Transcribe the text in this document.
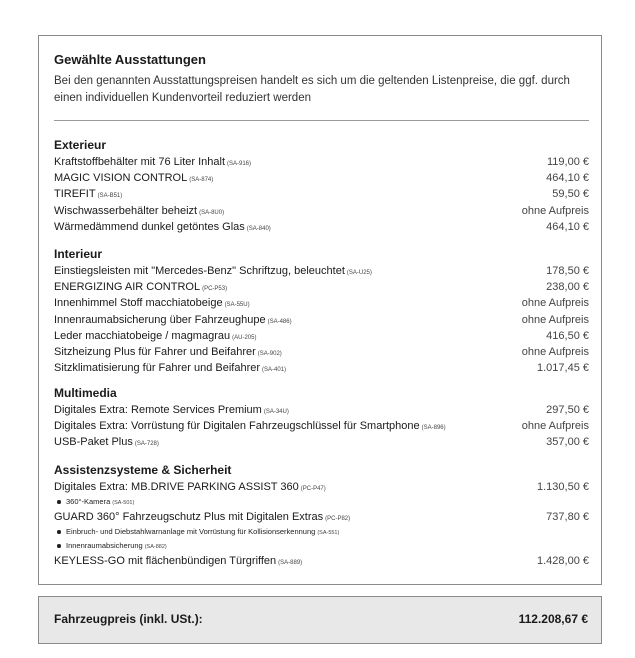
Gewählte Ausstattungen
Bei den genannten Ausstattungspreisen handelt es sich um die geltenden Listenpreise, die ggf. durch einen individuellen Kundenvorteil reduziert werden
Exterieur
Kraftstoffbehälter mit 76 Liter Inhalt (SA-916)	119,00 €
MAGIC VISION CONTROL (SA-874)	464,10 €
TIREFIT (SA-B51)	59,50 €
Wischwasserbehälter beheizt (SA-8U0)	ohne Aufpreis
Wärmedämmend dunkel getöntes Glas (SA-840)	464,10 €
Interieur
Einstiegsleisten mit "Mercedes-Benz" Schriftzug, beleuchtet (SA-U25)	178,50 €
ENERGIZING AIR CONTROL (PC-P53)	238,00 €
Innenhimmel Stoff macchiatobeige (SA-55U)	ohne Aufpreis
Innenraumabsicherung über Fahrzeughupe (SA-486)	ohne Aufpreis
Leder macchiatobeige / magmagrau (AU-205)	416,50 €
Sitzheizung Plus für Fahrer und Beifahrer (SA-902)	ohne Aufpreis
Sitzklimatisierung für Fahrer und Beifahrer (SA-401)	1.017,45 €
Multimedia
Digitales Extra: Remote Services Premium (SA-34U)	297,50 €
Digitales Extra: Vorrüstung für Digitalen Fahrzeugschlüssel für Smartphone (SA-896)	ohne Aufpreis
USB-Paket Plus (SA-728)	357,00 €
Assistenzsysteme & Sicherheit
Digitales Extra: MB.DRIVE PARKING ASSIST 360 (PC-P47)	1.130,50 €
360°-Kamera (SA-501)
GUARD 360° Fahrzeugschutz Plus mit Digitalen Extras (PC-P82)	737,80 €
Einbruch- und Diebstahlwarnanlage mit Vorrüstung für Kollisionserkennung (SA-551)
Innenraumabsicherung (SA-882)
KEYLESS-GO mit flächenbündigen Türgriffen (SA-889)	1.428,00 €
Fahrzeugpreis (inkl. USt.):	112.208,67 €
